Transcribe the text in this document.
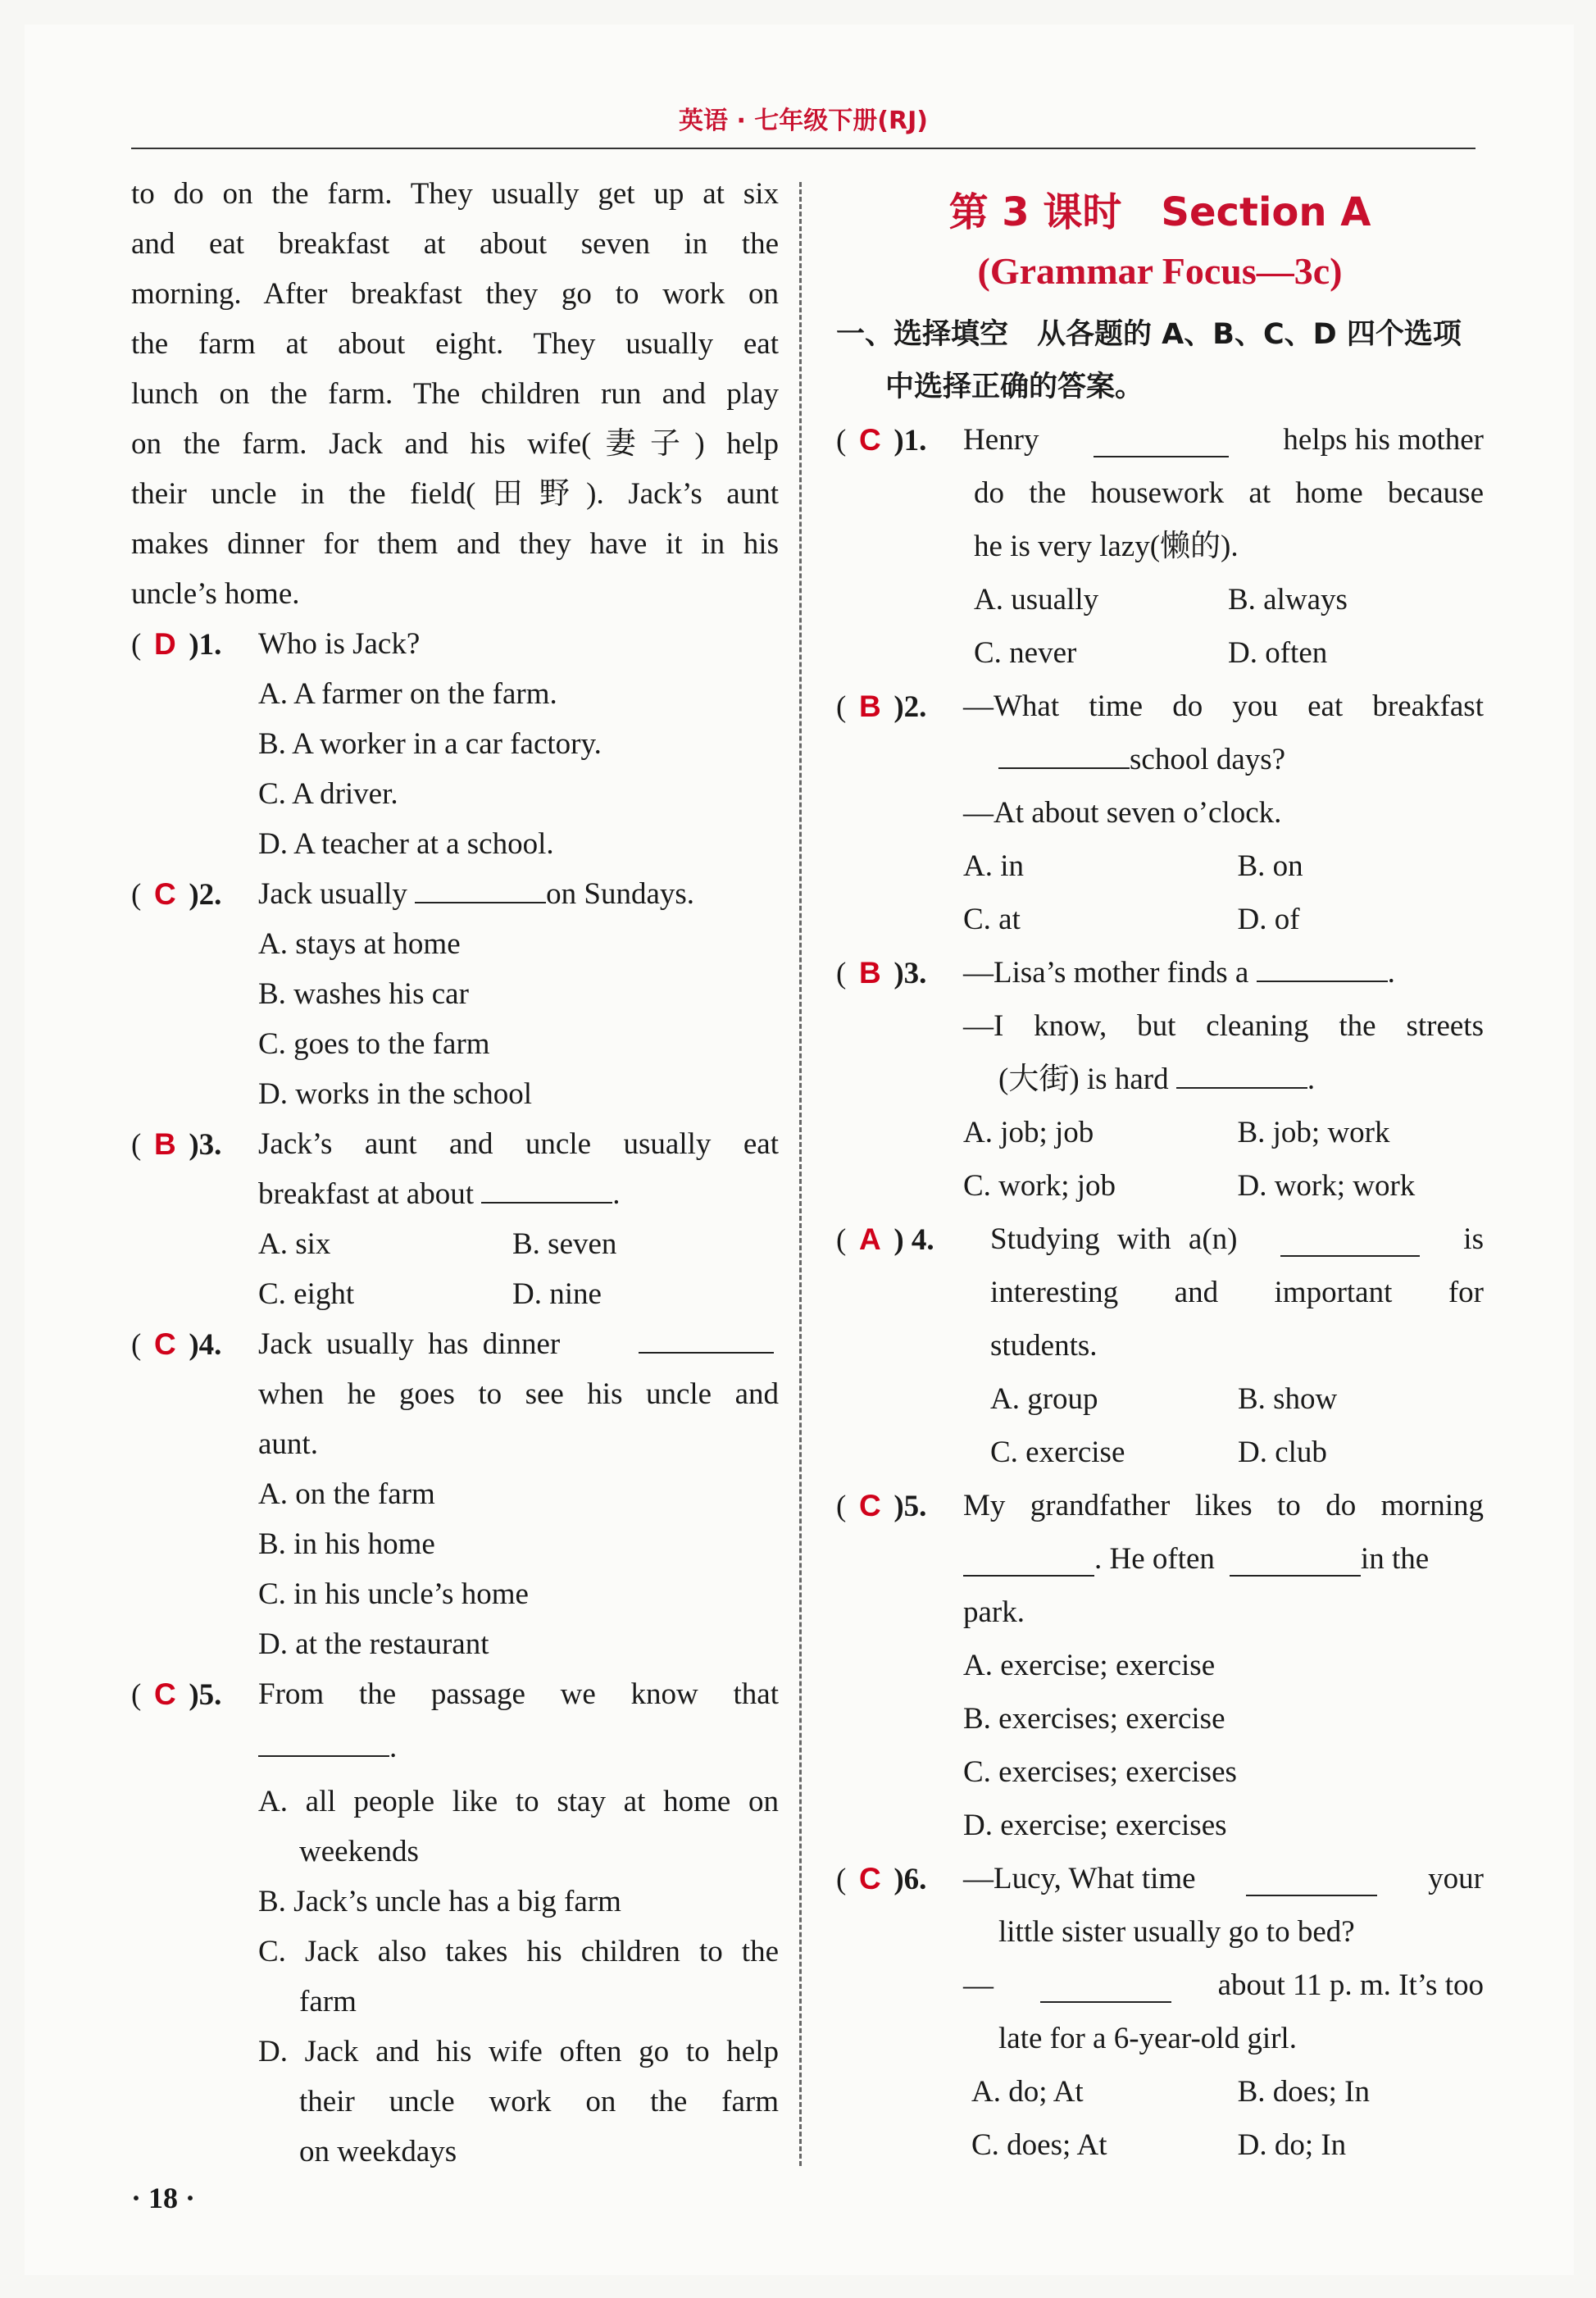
英语 · 七年级下册(RJ)

to do on the farm. They usually get up at six

and eat breakfast at about seven in the

morning. After breakfast they go to work on

the farm at about eight. They usually eat

lunch on the farm. The children run and play

on the farm. Jack and his wife(妻子) help

their uncle in the field(田野). Jack’s aunt

makes dinner for them and they have it in his

uncle’s home.

( D )1.	Who is Jack?

A. A farmer on the farm.

B. A worker in a car factory.

C. A driver.

D. A teacher at a school.

( C )2.	Jack usually	on Sundays.

A. stays at home

B. washes his car

C. goes to the farm

D. works in the school

( B )3.	Jack’s aunt and uncle usually eat

breakfast at about	.

A. six	B. seven
C. eight	D. nine
( C )4.	Jack usually has dinner

when he goes to see his uncle and

aunt.

A. on the farm

B. in his home

C. in his uncle’s home

D. at the restaurant

( C )5.	From the passage we know that

.

A. all people like to stay at home on

weekends

B. Jack’s uncle has a big farm

C. Jack also takes his children to the

farm

D. Jack and his wife often go to help

their uncle work on the farm

on weekdays

第 3 课时　Section A

(Grammar Focus—3c)

一、选择填空　从各题的 A、B、C、D 四个选项

中选择正确的答案。

( C )1.	Henry	helps his mother

do the housework at home because

he is very lazy(懒的).

A. usually	B. always
C. never	D. often
( B )2.	—What time do you eat breakfast

school days?

—At about seven o’clock.

A. in	B. on
C. at	D. of
( B )3.	—Lisa’s mother finds a	.

—I know, but cleaning the streets

(大街) is hard	.

A. job; job	B. job; work
C. work; job	D. work; work
( A ) 4.	Studying with a(n)	is

interesting and important for

students.

A. group	B. show
C. exercise	D. club
( C )5.	My grandfather likes to do morning

. He often	in the

park.

A. exercise; exercise

B. exercises; exercise

C. exercises; exercises

D. exercise; exercises

( C )6.	—Lucy, What time	your

little sister usually go to bed?

—	about 11 p. m. It’s too

late for a 6-year-old girl.

A. do; At	B. does; In
C. does; At	D. do; In
· 18 ·
